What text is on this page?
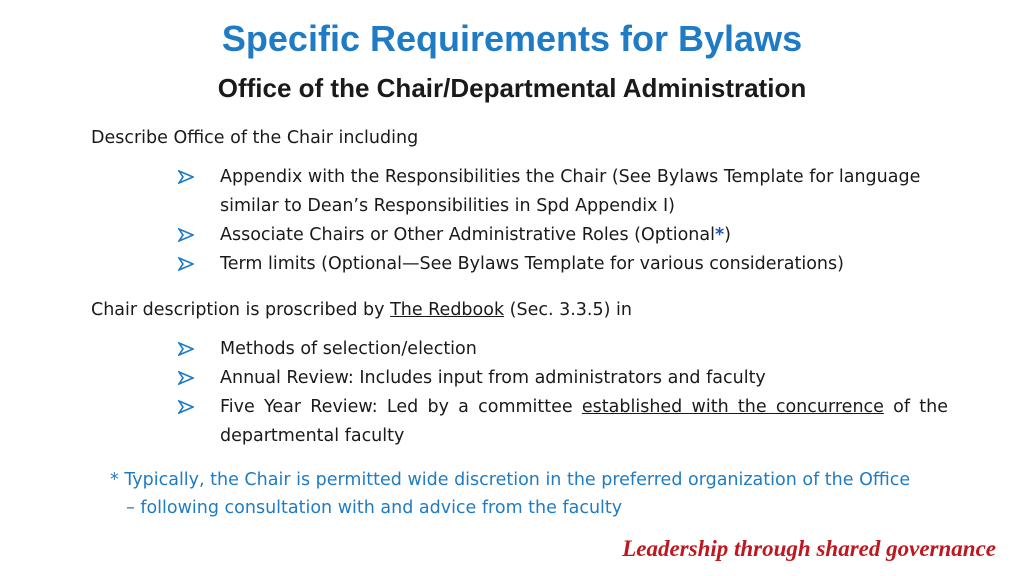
Specific Requirements for Bylaws
Office of the Chair/Departmental Administration
Describe Office of the Chair including
Appendix with the Responsibilities the Chair (See Bylaws Template for language similar to Dean’s Responsibilities in Spd Appendix I)
Associate Chairs or Other Administrative Roles (Optional*)
Term limits (Optional—See Bylaws Template for various considerations)
Chair description is proscribed by The Redbook (Sec. 3.3.5) in
Methods of selection/election
Annual Review: Includes input from administrators and faculty
Five Year Review: Led by a committee established with the concurrence of the departmental faculty
* Typically, the Chair is permitted wide discretion in the preferred organization of the Office
– following consultation with and advice from the faculty
Leadership through shared governance
